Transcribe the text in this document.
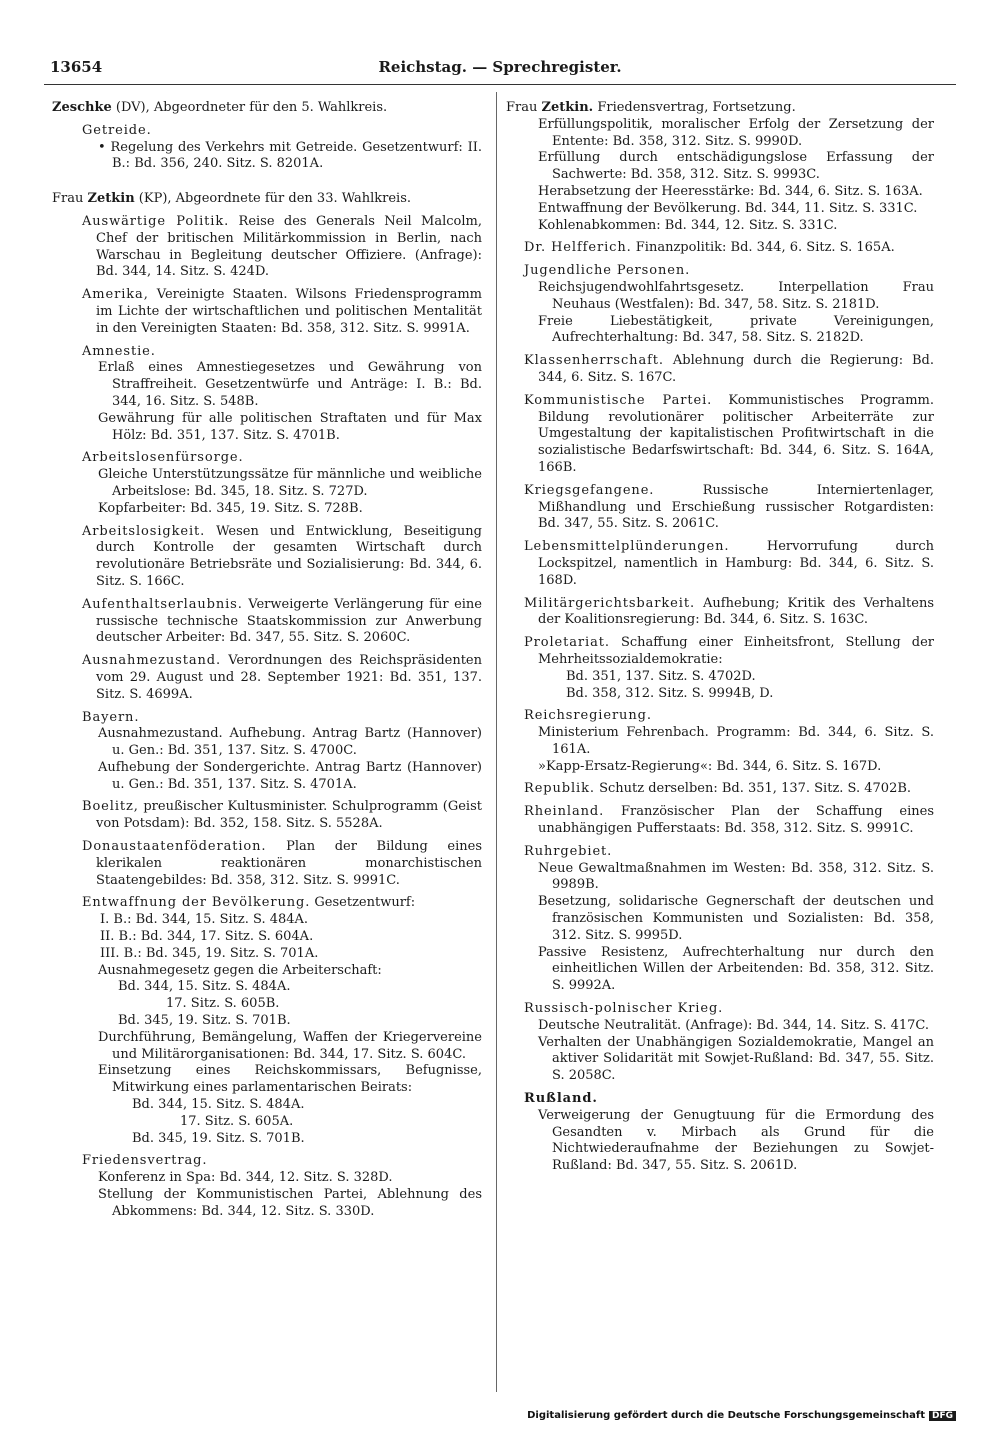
13654	Reichstag. — Sprechregister.
Zeschke (DV), Abgeordneter für den 5. Wahlkreis.
Getreide.
• Regelung des Verkehrs mit Getreide. Gesetzentwurf: II. B.: Bd. 356, 240. Sitz. S. 8201A.
Frau Zetkin (KP), Abgeordnete für den 33. Wahlkreis.
Auswärtige Politik. Reise des Generals Neil Malcolm, Chef der britischen Militärkommission in Berlin, nach Warschau in Begleitung deutscher Offiziere. (Anfrage): Bd. 344, 14. Sitz. S. 424D.
Amerika, Vereinigte Staaten. Wilsons Friedensprogramm im Lichte der wirtschaftlichen und politischen Mentalität in den Vereinigten Staaten: Bd. 358, 312. Sitz. S. 9991A.
Amnestie.
Erlaß eines Amnestiegesetzes und Gewährung von Straffreiheit. Gesetzentwürfe und Anträge: I. B.: Bd. 344, 16. Sitz. S. 548B.
Gewährung für alle politischen Straftaten und für Max Hölz: Bd. 351, 137. Sitz. S. 4701B.
Arbeitslosenfürsorge.
Gleiche Unterstützungssätze für männliche und weibliche Arbeitslose: Bd. 345, 18. Sitz. S. 727D.
Kopfarbeiter: Bd. 345, 19. Sitz. S. 728B.
Arbeitslosigkeit. Wesen und Entwicklung, Beseitigung durch Kontrolle der gesamten Wirtschaft durch revolutionäre Betriebsräte und Sozialisierung: Bd. 344, 6. Sitz. S. 166C.
Aufenthaltserlaubnis. Verweigerte Verlängerung für eine russische technische Staatskommission zur Anwerbung deutscher Arbeiter: Bd. 347, 55. Sitz. S. 2060C.
Ausnahmezustand. Verordnungen des Reichspräsidenten vom 29. August und 28. September 1921: Bd. 351, 137. Sitz. S. 4699A.
Bayern.
Ausnahmezustand. Aufhebung. Antrag Bartz (Hannover) u. Gen.: Bd. 351, 137. Sitz. S. 4700C.
Aufhebung der Sondergerichte. Antrag Bartz (Hannover) u. Gen.: Bd. 351, 137. Sitz. S. 4701A.
Boelitz, preußischer Kultusminister. Schulprogramm (Geist von Potsdam): Bd. 352, 158. Sitz. S. 5528A.
Donaustaatenföderation. Plan der Bildung eines klerikalen reaktionären monarchistischen Staatengebildes: Bd. 358, 312. Sitz. S. 9991C.
Entwaffnung der Bevölkerung. Gesetzentwurf:
I. B.: Bd. 344, 15. Sitz. S. 484A.
II. B.: Bd. 344, 17. Sitz. S. 604A.
III. B.: Bd. 345, 19. Sitz. S. 701A.
Ausnahmegesetz gegen die Arbeiterschaft:
Bd. 344, 15. Sitz. S. 484A.
17. Sitz. S. 605B.
Bd. 345, 19. Sitz. S. 701B.
Durchführung, Bemängelung, Waffen der Kriegervereine und Militärorganisationen: Bd. 344, 17. Sitz. S. 604C.
Einsetzung eines Reichskommissars, Befugnisse, Mitwirkung eines parlamentarischen Beirats:
Bd. 344, 15. Sitz. S. 484A.
17. Sitz. S. 605A.
Bd. 345, 19. Sitz. S. 701B.
Friedensvertrag.
Konferenz in Spa: Bd. 344, 12. Sitz. S. 328D.
Stellung der Kommunistischen Partei, Ablehnung des Abkommens: Bd. 344, 12. Sitz. S. 330D.
Frau Zetkin. Friedensvertrag, Fortsetzung.
Erfüllungspolitik, moralischer Erfolg der Zersetzung der Entente: Bd. 358, 312. Sitz. S. 9990D.
Erfüllung durch entschädigungslose Erfassung der Sachwerte: Bd. 358, 312. Sitz. S. 9993C.
Herabsetzung der Heeresstärke: Bd. 344, 6. Sitz. S. 163A.
Entwaffnung der Bevölkerung. Bd. 344, 11. Sitz. S. 331C.
Kohlenabkommen: Bd. 344, 12. Sitz. S. 331C.
Dr. Helfferich. Finanzpolitik: Bd. 344, 6. Sitz. S. 165A.
Jugendliche Personen.
Reichsjugendwohlfahrtsgesetz. Interpellation Frau Neuhaus (Westfalen): Bd. 347, 58. Sitz. S. 2181D.
Freie Liebestätigkeit, private Vereinigungen, Aufrechterhaltung: Bd. 347, 58. Sitz. S. 2182D.
Klassenherrschaft. Ablehnung durch die Regierung: Bd. 344, 6. Sitz. S. 167C.
Kommunistische Partei. Kommunistisches Programm. Bildung revolutionärer politischer Arbeiterräte zur Umgestaltung der kapitalistischen Profitwirtschaft in die sozialistische Bedarfswirtschaft: Bd. 344, 6. Sitz. S. 164A, 166B.
Kriegsgefangene. Russische Interniertenlager, Mißhandlung und Erschießung russischer Rotgardisten: Bd. 347, 55. Sitz. S. 2061C.
Lebensmittelplünderungen. Hervorrufung durch Lockspitzel, namentlich in Hamburg: Bd. 344, 6. Sitz. S. 168D.
Militärgerichtsbarkeit. Aufhebung; Kritik des Verhaltens der Koalitionsregierung: Bd. 344, 6. Sitz. S. 163C.
Proletariat. Schaffung einer Einheitsfront, Stellung der Mehrheitssozialdemokratie:
Bd. 351, 137. Sitz. S. 4702D.
Bd. 358, 312. Sitz. S. 9994B, D.
Reichsregierung.
Ministerium Fehrenbach. Programm: Bd. 344, 6. Sitz. S. 161A.
»Kapp-Ersatz-Regierung«: Bd. 344, 6. Sitz. S. 167D.
Republik. Schutz derselben: Bd. 351, 137. Sitz. S. 4702B.
Rheinland. Französischer Plan der Schaffung eines unabhängigen Pufferstaats: Bd. 358, 312. Sitz. S. 9991C.
Ruhrgebiet.
Neue Gewaltmaßnahmen im Westen: Bd. 358, 312. Sitz. S. 9989B.
Besetzung, solidarische Gegnerschaft der deutschen und französischen Kommunisten und Sozialisten: Bd. 358, 312. Sitz. S. 9995D.
Passive Resistenz, Aufrechterhaltung nur durch den einheitlichen Willen der Arbeitenden: Bd. 358, 312. Sitz. S. 9992A.
Russisch-polnischer Krieg.
Deutsche Neutralität. (Anfrage): Bd. 344, 14. Sitz. S. 417C.
Verhalten der Unabhängigen Sozialdemokratie, Mangel an aktiver Solidarität mit Sowjet-Rußland: Bd. 347, 55. Sitz. S. 2058C.
Rußland.
Verweigerung der Genugtuung für die Ermordung des Gesandten v. Mirbach als Grund für die Nichtwiederaufnahme der Beziehungen zu Sowjet-Rußland: Bd. 347, 55. Sitz. S. 2061D.
Digitalisierung gefördert durch die Deutsche Forschungsgemeinschaft DFG
